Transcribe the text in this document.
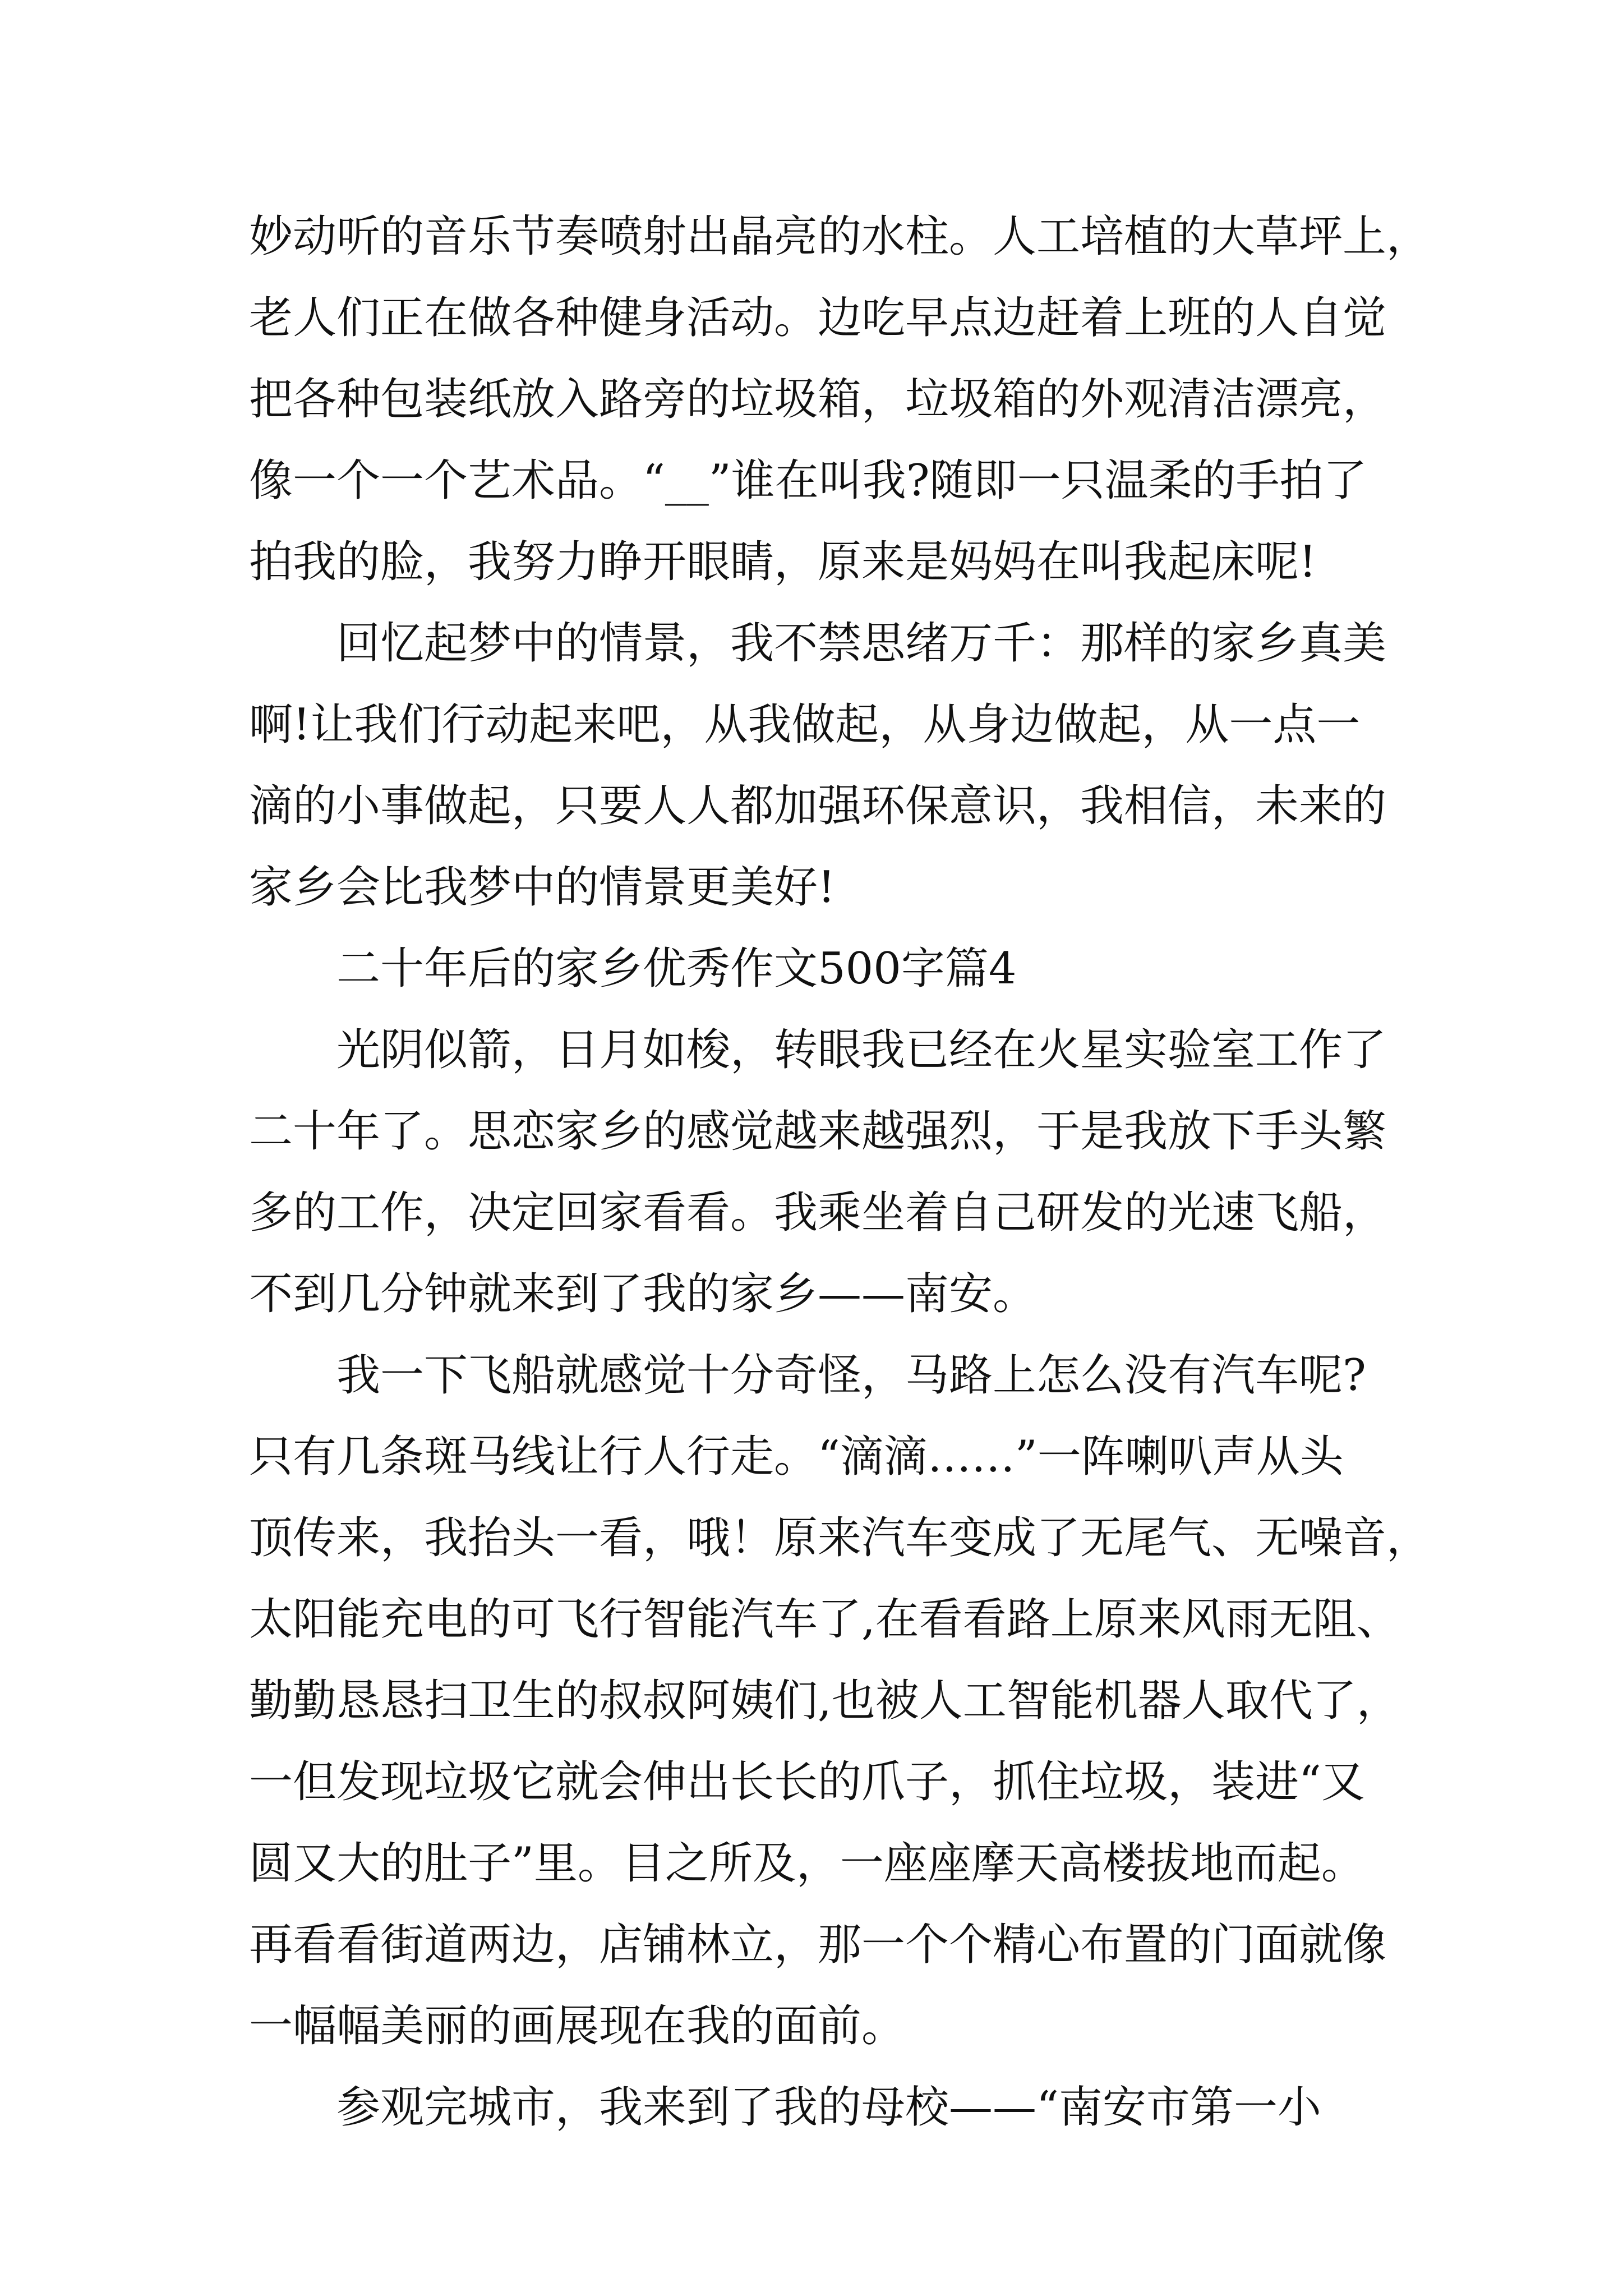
妙动听的音乐节奏喷射出晶亮的水柱。人工培植的大草坪上，

老人们正在做各种健身活动。边吃早点边赶着上班的人自觉

把各种包装纸放入路旁的垃圾箱，垃圾箱的外观清洁漂亮，

像一个一个艺术品。“__”谁在叫我?随即一只温柔的手拍了

拍我的脸，我努力睁开眼睛，原来是妈妈在叫我起床呢!

回忆起梦中的情景，我不禁思绪万千：那样的家乡真美

啊!让我们行动起来吧，从我做起，从身边做起，从一点一

滴的小事做起，只要人人都加强环保意识，我相信，未来的

家乡会比我梦中的情景更美好!

二十年后的家乡优秀作文500字篇4

光阴似箭，日月如梭，转眼我已经在火星实验室工作了

二十年了。思恋家乡的感觉越来越强烈，于是我放下手头繁

多的工作，决定回家看看。我乘坐着自己研发的光速飞船，

不到几分钟就来到了我的家乡——南安。

我一下飞船就感觉十分奇怪，马路上怎么没有汽车呢?

只有几条斑马线让行人行走。“滴滴……”一阵喇叭声从头

顶传来，我抬头一看，哦！原来汽车变成了无尾气、无噪音，

太阳能充电的可飞行智能汽车了,在看看路上原来风雨无阻、

勤勤恳恳扫卫生的叔叔阿姨们,也被人工智能机器人取代了，

一但发现垃圾它就会伸出长长的爪子，抓住垃圾，装进“又

圆又大的肚子”里。目之所及，一座座摩天高楼拔地而起。

再看看街道两边，店铺林立，那一个个精心布置的门面就像

一幅幅美丽的画展现在我的面前。

参观完城市，我来到了我的母校——“南安市第一小
